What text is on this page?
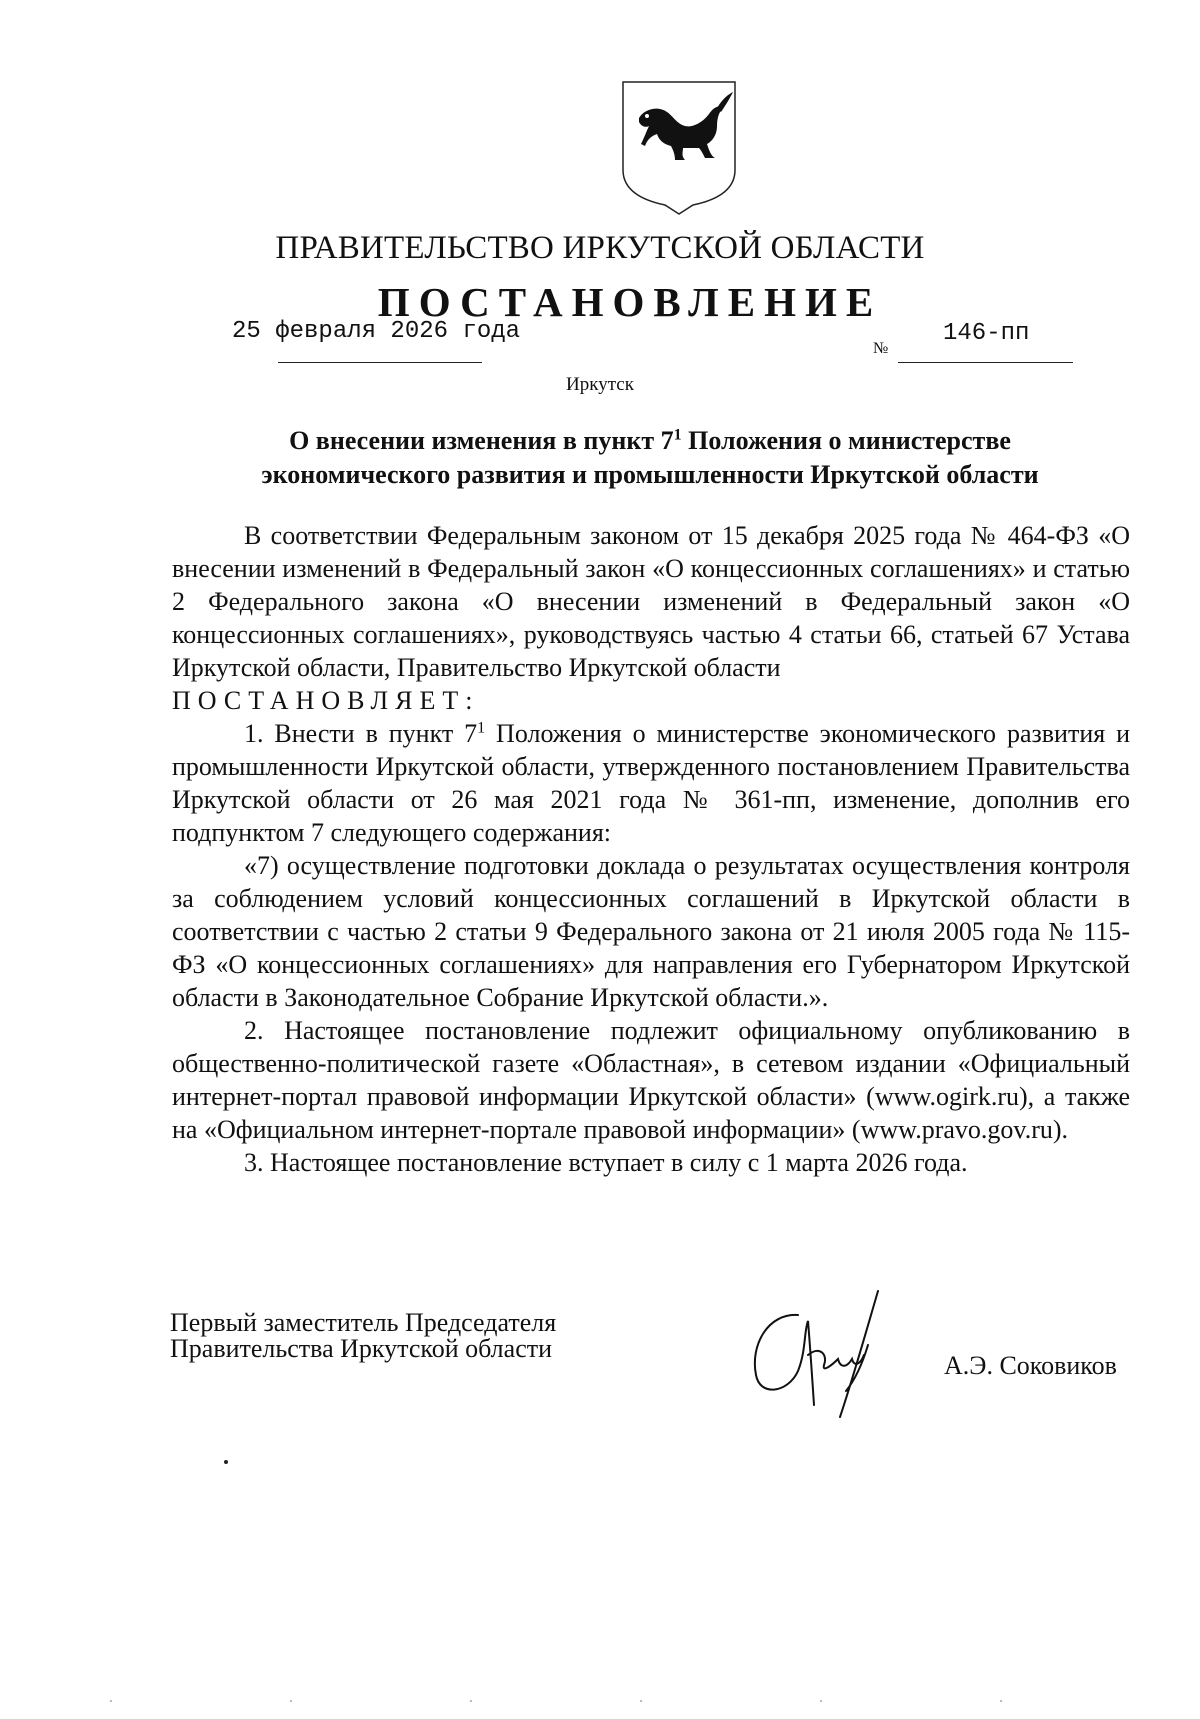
ПРАВИТЕЛЬСТВО ИРКУТСКОЙ ОБЛАСТИ
ПОСТАНОВЛЕНИЕ
25 февраля 2026 года
№
146-пп
Иркутск
О внесении изменения в пункт $7^1$ Положения о министерстве
экономического развития и промышленности Иркутской области

В соответствии Федеральным законом от 15 декабря 2025 года № 464-ФЗ «О внесении изменений в Федеральный закон «О концессионных соглашениях» и статью 2 Федерального закона «О внесении изменений в Федеральный закон «О концессионных соглашениях», руководствуясь частью 4 статьи 66, статьей 67 Устава Иркутской области, Правительство Иркутской области

ПОСТАНОВЛЯЕТ:

1. Внести в пункт $7^1$ Положения о министерстве экономического развития и промышленности Иркутской области, утвержденного постановлением Правительства Иркутской области от 26 мая 2021 года № 361-пп, изменение, дополнив его подпунктом 7 следующего содержания:

«7) осуществление подготовки доклада о результатах осуществления контроля за соблюдением условий концессионных соглашений в Иркутской области в соответствии с частью 2 статьи 9 Федерального закона от 21 июля 2005 года № 115-ФЗ «О концессионных соглашениях» для направления его Губернатором Иркутской области в Законодательное Собрание Иркутской области.».

2. Настоящее постановление подлежит официальному опубликованию в общественно-политической газете «Областная», в сетевом издании «Официальный интернет-портал правовой информации Иркутской области» (www.ogirk.ru), а также на «Официальном интернет-портале правовой информации» (www.pravo.gov.ru).

3. Настоящее постановление вступает в силу с 1 марта 2026 года.

Первый заместитель Председателя
Правительства Иркутской области
А.Э. Соковиков
